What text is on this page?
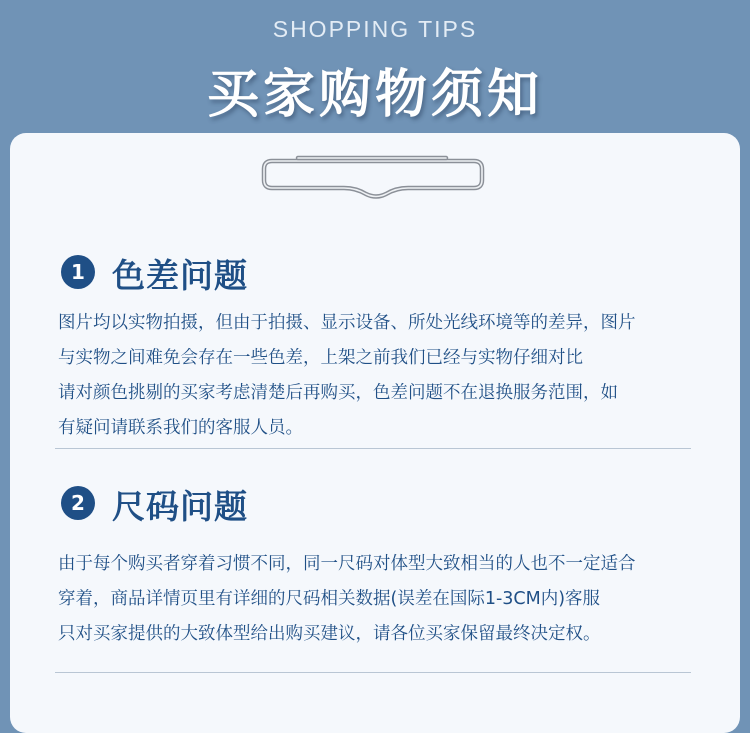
SHOPPING TIPS
买家购物须知
1 色差问题
图片均以实物拍摄，但由于拍摄、显示设备、所处光线环境等的差异，图片
与实物之间难免会存在一些色差，上架之前我们已经与实物仔细对比
请对颜色挑剔的买家考虑清楚后再购买，色差问题不在退换服务范围，如
有疑问请联系我们的客服人员。
2 尺码问题
由于每个购买者穿着习惯不同，同一尺码对体型大致相当的人也不一定适合
穿着，商品详情页里有详细的尺码相关数据(误差在国际1-3CM内)客服
只对买家提供的大致体型给出购买建议，请各位买家保留最终决定权。
